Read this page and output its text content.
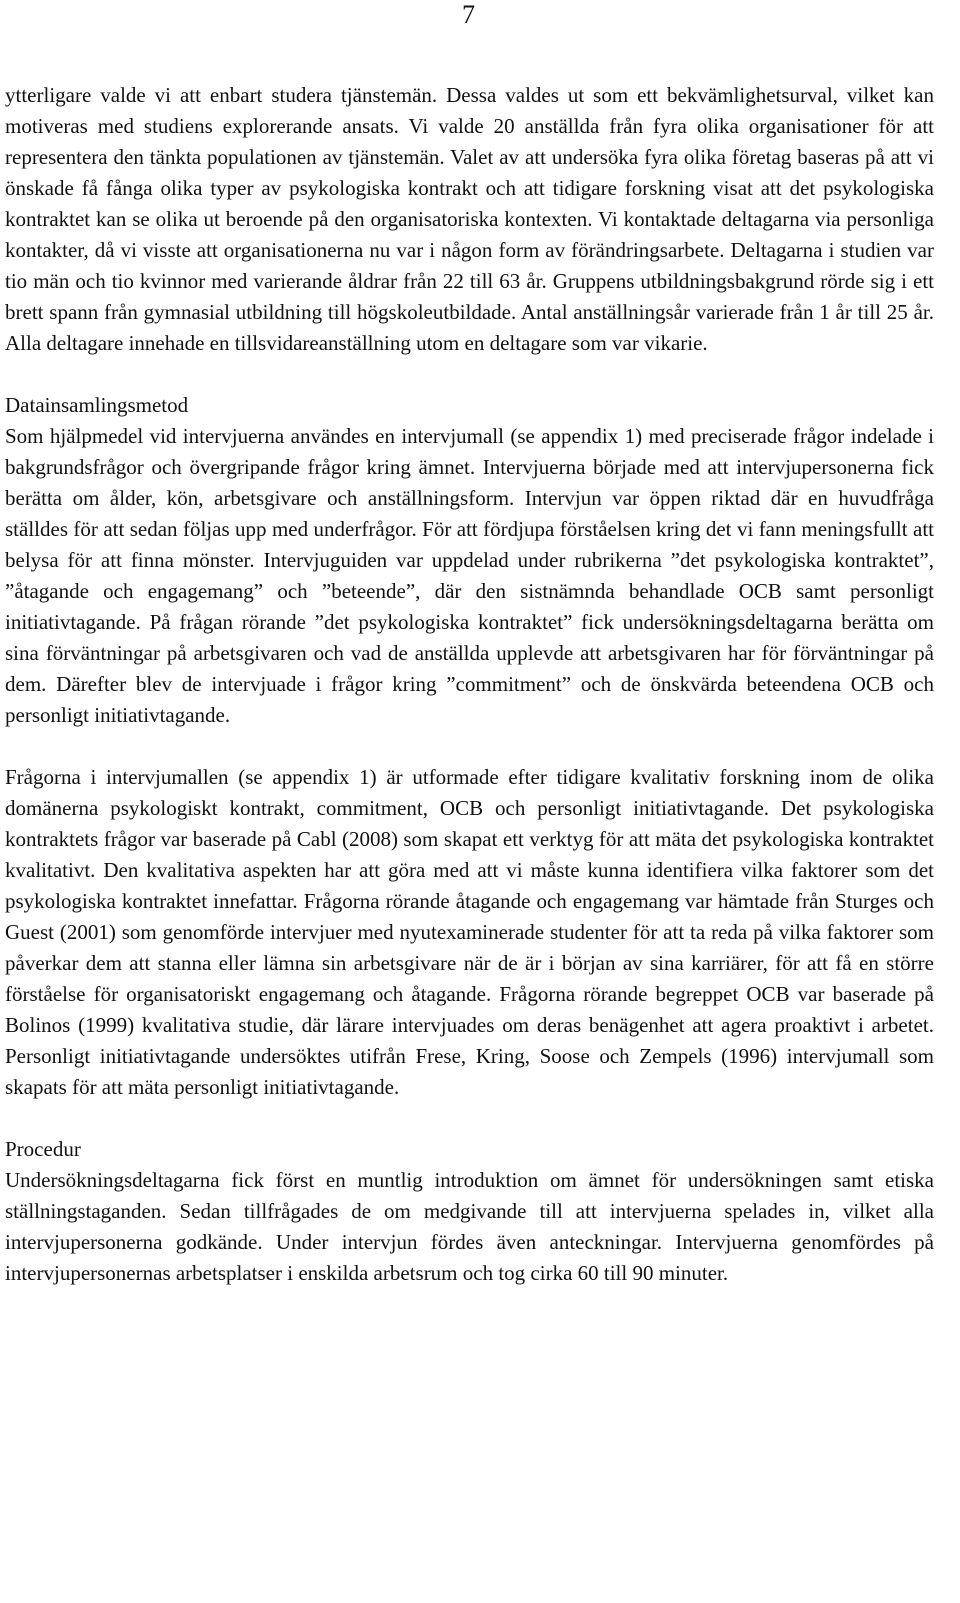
7

ytterligare valde vi att enbart studera tjänstemän. Dessa valdes ut som ett bekvämlighetsurval, vilket kan motiveras med studiens explorerande ansats. Vi valde 20 anställda från fyra olika organisationer för att representera den tänkta populationen av tjänstemän. Valet av att undersöka fyra olika företag baseras på att vi önskade få fånga olika typer av psykologiska kontrakt och att tidigare forskning visat att det psykologiska kontraktet kan se olika ut beroende på den organisatoriska kontexten. Vi kontaktade deltagarna via personliga kontakter, då vi visste att organisationerna nu var i någon form av förändringsarbete. Deltagarna i studien var tio män och tio kvinnor med varierande åldrar från 22 till 63 år. Gruppens utbildningsbakgrund rörde sig i ett brett spann från gymnasial utbildning till högskoleutbildade. Antal anställningsår varierade från 1 år till 25 år. Alla deltagare innehade en tillsvidareanställning utom en deltagare som var vikarie.

Datainsamlingsmetod

Som hjälpmedel vid intervjuerna användes en intervjumall (se appendix 1) med preciserade frågor indelade i bakgrundsfrågor och övergripande frågor kring ämnet. Intervjuerna började med att intervjupersonerna fick berätta om ålder, kön, arbetsgivare och anställningsform. Intervjun var öppen riktad där en huvudfråga ställdes för att sedan följas upp med underfrågor. För att fördjupa förståelsen kring det vi fann meningsfullt att belysa för att finna mönster. Intervjuguiden var uppdelad under rubrikerna ”det psykologiska kontraktet”, ”åtagande och engagemang” och ”beteende”, där den sistnämnda behandlade OCB samt personligt initiativtagande. På frågan rörande ”det psykologiska kontraktet” fick undersökningsdeltagarna berätta om sina förväntningar på arbetsgivaren och vad de anställda upplevde att arbetsgivaren har för förväntningar på dem. Därefter blev de intervjuade i frågor kring ”commitment” och de önskvärda beteendena OCB och personligt initiativtagande.

Frågorna i intervjumallen (se appendix 1) är utformade efter tidigare kvalitativ forskning inom de olika domänerna psykologiskt kontrakt, commitment, OCB och personligt initiativtagande. Det psykologiska kontraktets frågor var baserade på Cabl (2008) som skapat ett verktyg för att mäta det psykologiska kontraktet kvalitativt. Den kvalitativa aspekten har att göra med att vi måste kunna identifiera vilka faktorer som det psykologiska kontraktet innefattar. Frågorna rörande åtagande och engagemang var hämtade från Sturges och Guest (2001) som genomförde intervjuer med nyutexaminerade studenter för att ta reda på vilka faktorer som påverkar dem att stanna eller lämna sin arbetsgivare när de är i början av sina karriärer, för att få en större förståelse för organisatoriskt engagemang och åtagande. Frågorna rörande begreppet OCB var baserade på Bolinos (1999) kvalitativa studie, där lärare intervjuades om deras benägenhet att agera proaktivt i arbetet. Personligt initiativtagande undersöktes utifrån Frese, Kring, Soose och Zempels (1996) intervjumall som skapats för att mäta personligt initiativtagande.

Procedur

Undersökningsdeltagarna fick först en muntlig introduktion om ämnet för undersökningen samt etiska ställningstaganden. Sedan tillfrågades de om medgivande till att intervjuerna spelades in, vilket alla intervjupersonerna godkände. Under intervjun fördes även anteckningar. Intervjuerna genomfördes på intervjupersonernas arbetsplatser i enskilda arbetsrum och tog cirka 60 till 90 minuter.
